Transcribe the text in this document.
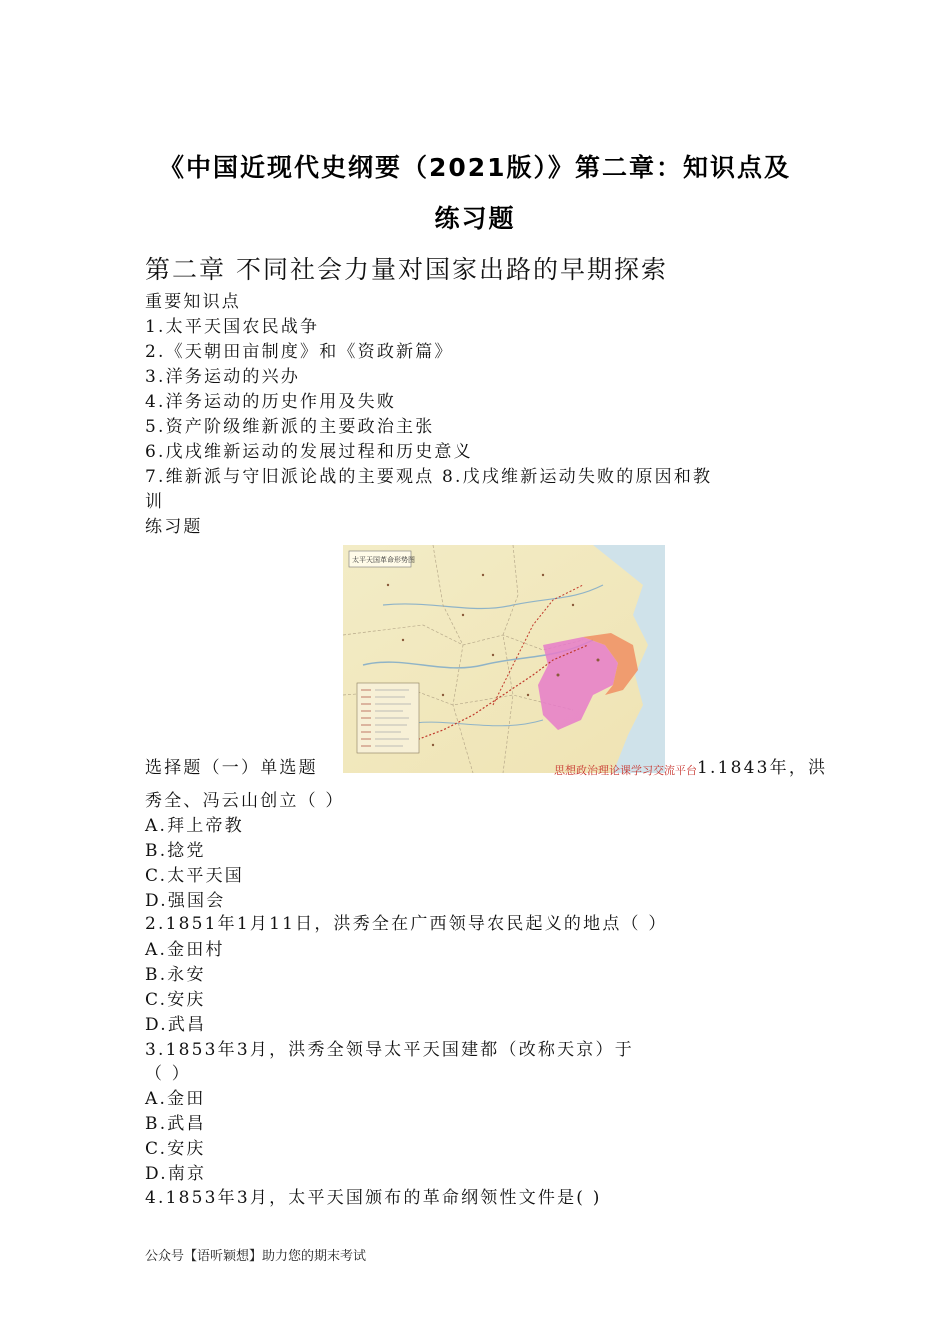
《中国近现代史纲要（2021版）》第二章：知识点及
练习题
第二章 不同社会力量对国家出路的早期探索
重要知识点
1.太平天国农民战争
2.《天朝田亩制度》和《资政新篇》
3.洋务运动的兴办
4.洋务运动的历史作用及失败
5.资产阶级维新派的主要政治主张
6.戊戌维新运动的发展过程和历史意义
7.维新派与守旧派论战的主要观点 8.戊戌维新运动失败的原因和教
训
练习题
太平天国革命形势图
思想政治理论课学习交流平台
选择题（一）单选题	1.1843年，洪
秀全、冯云山创立（ ）
A.拜上帝教
B.捻党
C.太平天国
D.强国会
2.1851年1月11日，洪秀全在广西领导农民起义的地点（ ）
A.金田村
B.永安
C.安庆
D.武昌
3.1853年3月，洪秀全领导太平天国建都（改称天京）于
（ ）
A.金田
B.武昌
C.安庆
D.南京
4.1853年3月，太平天国颁布的革命纲领性文件是( )
公众号【语听颖想】助力您的期末考试
